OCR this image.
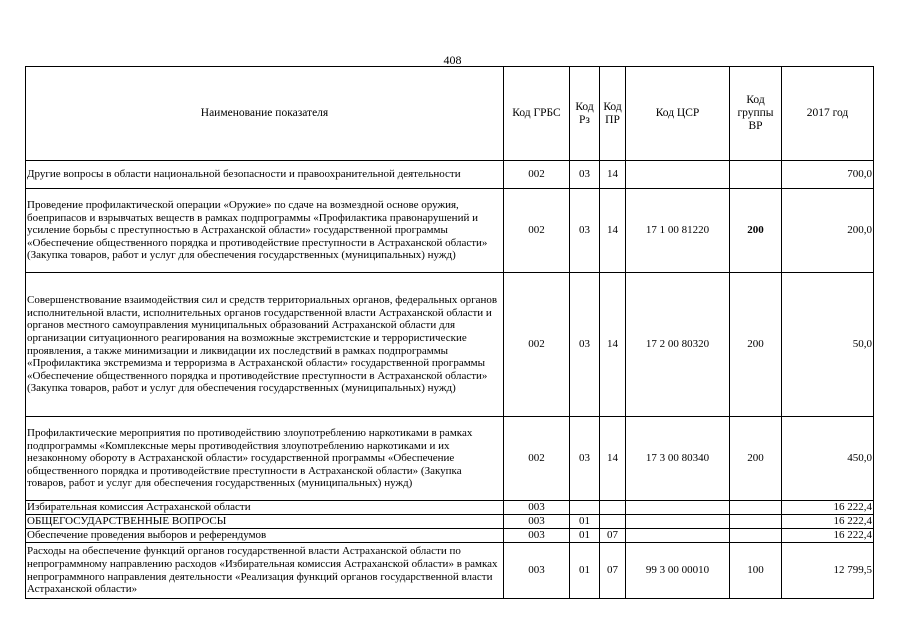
408
Наименование показателя	Код ГРБС	Код Рз	Код ПР	Код ЦСР	Код группы ВР	2017 год
Другие вопросы в области национальной безопасности и правоохранительной деятельности	002	03	14			700,0
Проведение профилактической операции «Оружие» по сдаче на возмездной основе оружия, боеприпасов и взрывчатых веществ в рамках подпрограммы «Профилактика правонарушений и усиление борьбы с преступностью в Астраханской области» государственной программы «Обеспечение общественного порядка и противодействие преступности в Астраханской области» (Закупка товаров, работ и услуг для обеспечения государственных (муниципальных) нужд)	002	03	14	17 1 00 81220	200	200,0
Совершенствование взаимодействия сил и средств территориальных органов, федеральных органов исполнительной власти, исполнительных органов государственной власти Астраханской области и органов местного самоуправления муниципальных образований Астраханской области для организации ситуационного реагирования на возможные экстремистские и террористические проявления, а также минимизации и ликвидации их последствий в рамках подпрограммы «Профилактика экстремизма и терроризма в Астраханской области» государственной программы «Обеспечение общественного порядка и противодействие преступности в Астраханской области» (Закупка товаров, работ и услуг для обеспечения государственных (муниципальных) нужд)	002	03	14	17 2 00 80320	200	50,0
Профилактические мероприятия по противодействию злоупотреблению наркотиками в рамках подпрограммы «Комплексные меры противодействия злоупотреблению наркотиками и их незаконному обороту в Астраханской области» государственной программы «Обеспечение общественного порядка и противодействие преступности в Астраханской области» (Закупка товаров, работ и услуг для обеспечения государственных (муниципальных) нужд)	002	03	14	17 3 00 80340	200	450,0
Избирательная комиссия Астраханской области	003					16 222,4
ОБЩЕГОСУДАРСТВЕННЫЕ ВОПРОСЫ	003	01				16 222,4
Обеспечение проведения выборов и референдумов	003	01	07			16 222,4
Расходы на обеспечение функций органов государственной власти Астраханской области по непрограммному направлению расходов «Избирательная комиссия Астраханской области» в рамках непрограммного направления деятельности «Реализация функций органов государственной власти Астраханской области»	003	01	07	99 3 00 00010	100	12 799,5
